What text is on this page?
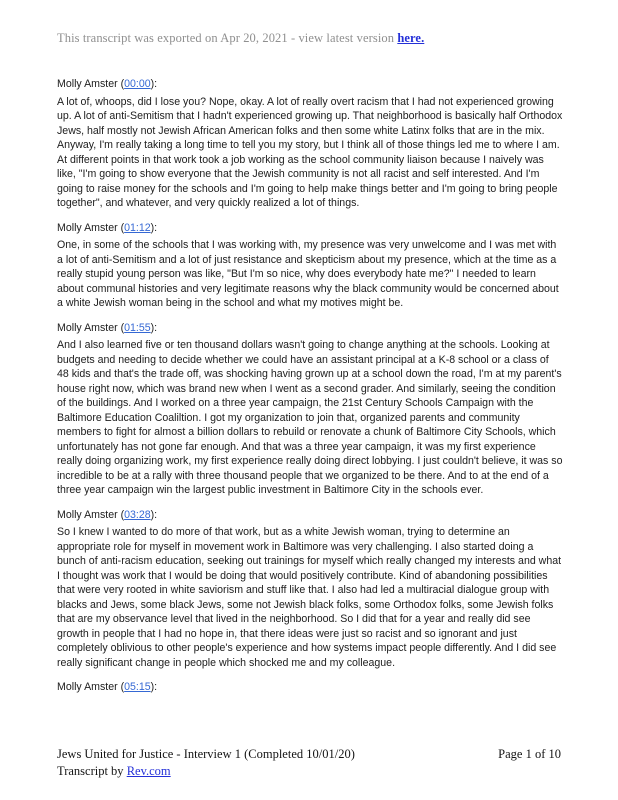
This transcript was exported on Apr 20, 2021 - view latest version here.

Molly Amster (00:00):

A lot of, whoops, did I lose you? Nope, okay. A lot of really overt racism that I had not experienced growing up. A lot of anti-Semitism that I hadn't experienced growing up. That neighborhood is basically half Orthodox Jews, half mostly not Jewish African American folks and then some white Latinx folks that are in the mix. Anyway, I'm really taking a long time to tell you my story, but I think all of those things led me to where I am. At different points in that work took a job working as the school community liaison because I naively was like, "I'm going to show everyone that the Jewish community is not all racist and self interested. And I'm going to raise money for the schools and I'm going to help make things better and I'm going to bring people together", and whatever, and very quickly realized a lot of things.

Molly Amster (01:12):

One, in some of the schools that I was working with, my presence was very unwelcome and I was met with a lot of anti-Semitism and a lot of just resistance and skepticism about my presence, which at the time as a really stupid young person was like, "But I'm so nice, why does everybody hate me?" I needed to learn about communal histories and very legitimate reasons why the black community would be concerned about a white Jewish woman being in the school and what my motives might be.

Molly Amster (01:55):

And I also learned five or ten thousand dollars wasn't going to change anything at the schools. Looking at budgets and needing to decide whether we could have an assistant principal at a K-8 school or a class of 48 kids and that's the trade off, was shocking having grown up at a school down the road, I'm at my parent's house right now, which was brand new when I went as a second grader. And similarly, seeing the condition of the buildings. And I worked on a three year campaign, the 21st Century Schools Campaign with the Baltimore Education Coaliltion. I got my organization to join that, organized parents and community members to fight for almost a billion dollars to rebuild or renovate a chunk of Baltimore City Schools, which unfortunately has not gone far enough. And that was a three year campaign, it was my first experience really doing organizing work, my first experience really doing direct lobbying. I just couldn't believe, it was so incredible to be at a rally with three thousand people that we organized to be there. And to at the end of a three year campaign win the largest public investment in Baltimore City in the schools ever.

Molly Amster (03:28):

So I knew I wanted to do more of that work, but as a white Jewish woman, trying to determine an appropriate role for myself in movement work in Baltimore was very challenging. I also started doing a bunch of anti-racism education, seeking out trainings for myself which really changed my interests and what I thought was work that I would be doing that would positively contribute. Kind of abandoning possibilities that were very rooted in white saviorism and stuff like that. I also had led a multiracial dialogue group with blacks and Jews, some black Jews, some not Jewish black folks, some Orthodox folks, some Jewish folks that are my observance level that lived in the neighborhood. So I did that for a year and really did see growth in people that I had no hope in, that there ideas were just so racist and so ignorant and just completely oblivious to other people's experience and how systems impact people differently. And I did see really significant change in people which shocked me and my colleague.

Molly Amster (05:15):

Jews United for Justice - Interview 1 (Completed 10/01/20)	Page 1 of 10
Transcript by Rev.com
